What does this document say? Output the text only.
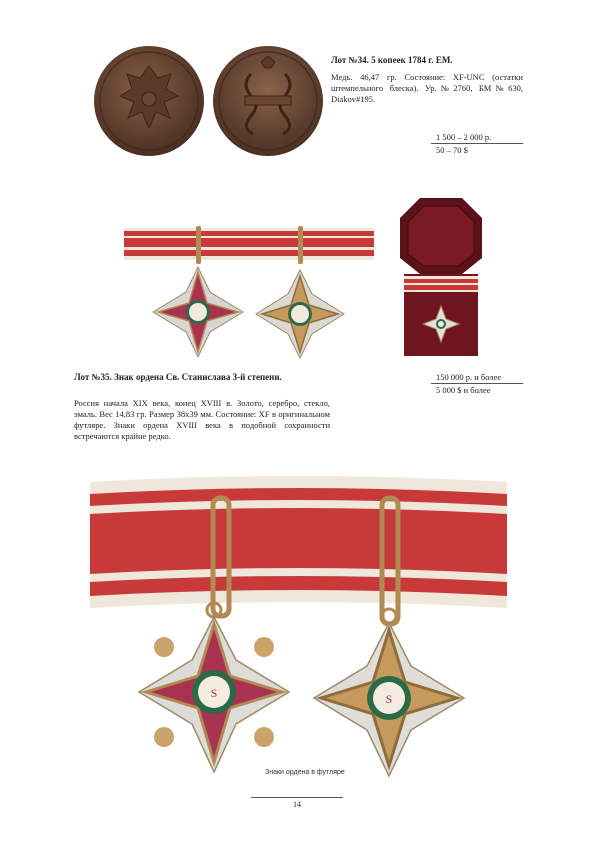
5
Лот №34. 5 копеек 1784 г. ЕМ.
Медь. 46,47 гр. Состояние: XF-UNC (остатки штемпельного блеска). Ур.№2760, БМ№630, Diakov#195.
1 500 – 2 000 р.
50 – 70 $
Лот №35. Знак ордена Св. Станислава 3-й степени.	150 000 р. и более
5 000 $ и более
Россия начала XIX века, конец XVIII в. Золото, серебро, стекло, эмаль. Вес 14,83 гр. Размер 38х39 мм. Состояние: XF в оригинальном футляре. Знаки ордена XVIII века в подобной сохранности встречаются крайне редко.
S	S
Знаки ордена в футляре
14
